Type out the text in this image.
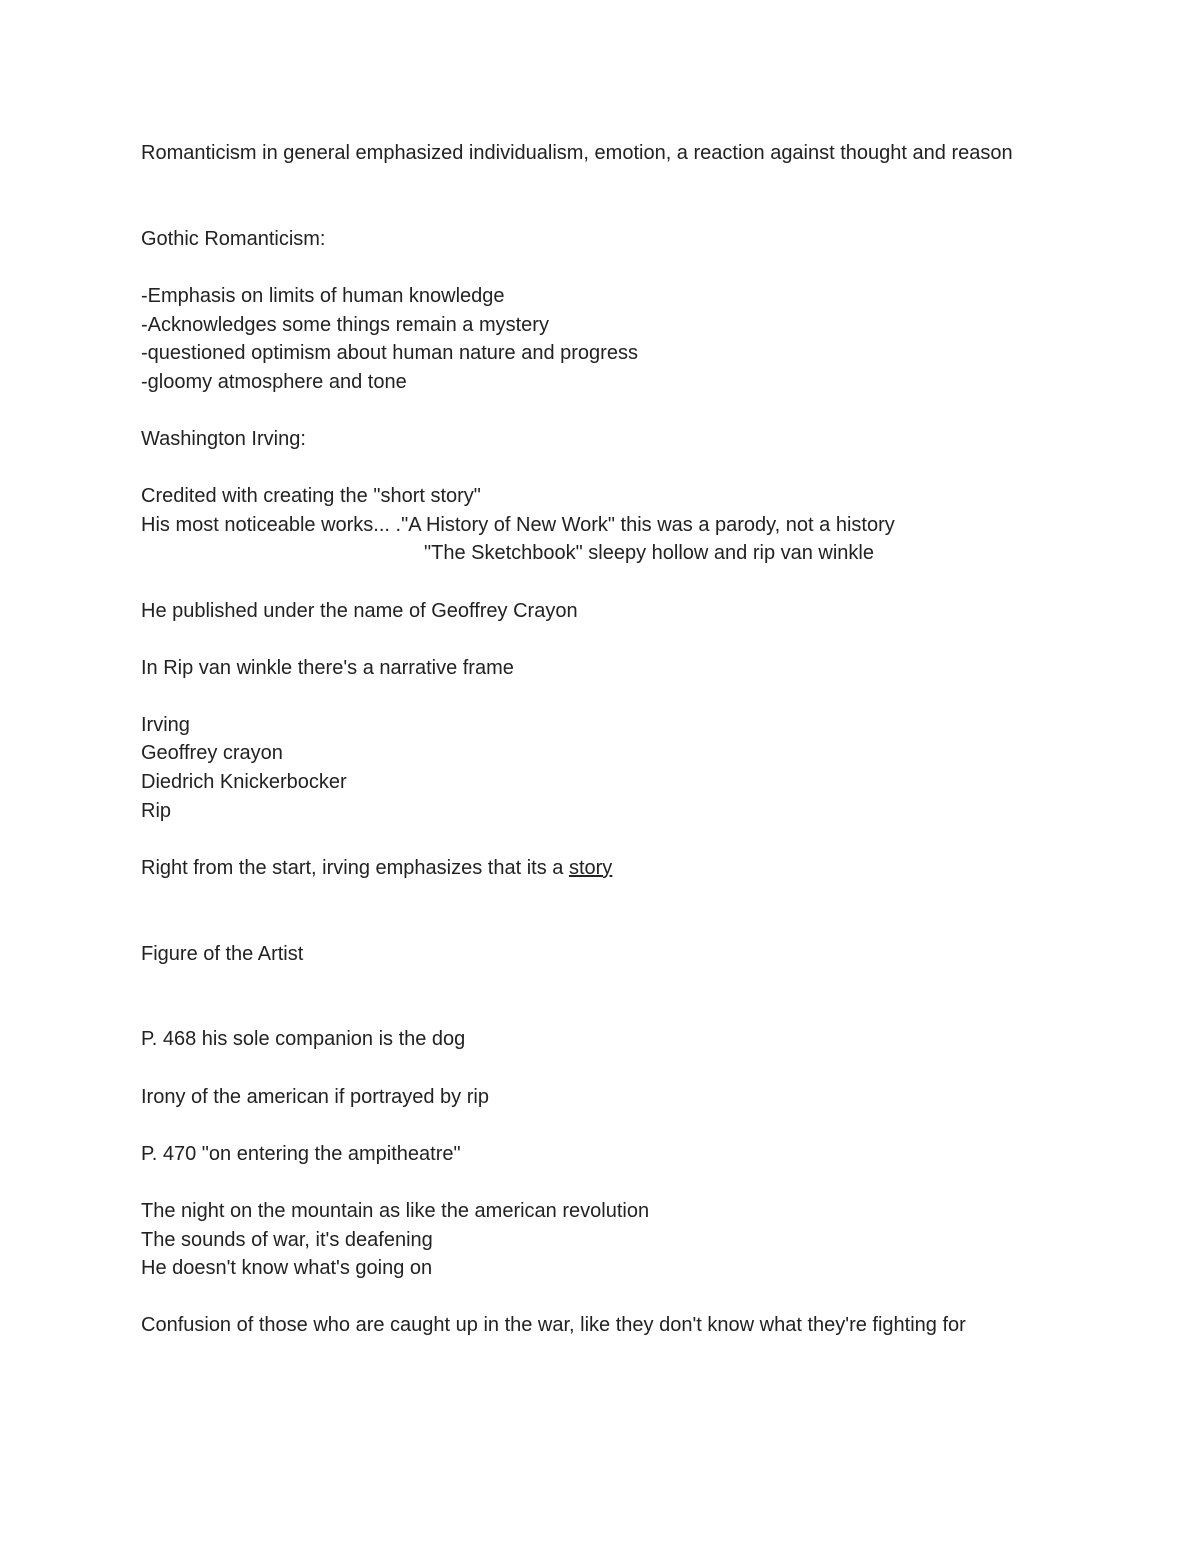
Romanticism in general emphasized individualism, emotion, a reaction against thought and reason

Gothic Romanticism:

-Emphasis on limits of human knowledge

-Acknowledges some things remain a mystery

-questioned optimism about human nature and progress

-gloomy atmosphere and tone

Washington Irving:

Credited with creating the "short story"

His most noticeable works... ."A History of New Work" this was a parody, not a history

"The Sketchbook" sleepy hollow and rip van winkle

He published under the name of Geoffrey Crayon

In Rip van winkle there's a narrative frame

Irving

Geoffrey crayon

Diedrich Knickerbocker

Rip

Right from the start, irving emphasizes that its a story

Figure of the Artist

P. 468 his sole companion is the dog

Irony of the american if portrayed by rip

P. 470 "on entering the ampitheatre"

The night on the mountain as like the american revolution

The sounds of war, it's deafening

He doesn't know what's going on

Confusion of those who are caught up in the war, like they don't know what they're fighting for
